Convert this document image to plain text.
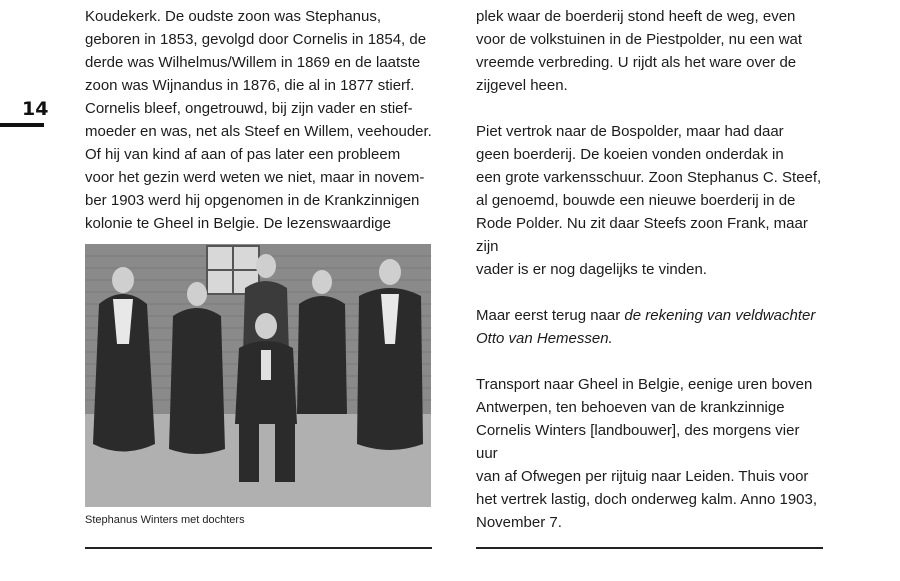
14

Koudekerk. De oudste zoon was Stephanus,
geboren in 1853, gevolgd door Cornelis in 1854, de
derde was Wilhelmus/Willem in 1869 en de laatste
zoon was Wijnandus in 1876, die al in 1877 stierf.
Cornelis bleef, ongetrouwd, bij zijn vader en stief-
moeder en was, net als Steef en Willem, veehouder.
Of hij van kind af aan of pas later een probleem
voor het gezin werd weten we niet, maar in novem-
ber 1903 werd hij opgenomen in de Krankzinnigen
kolonie te Gheel in Belgie. De lezenswaardige

Stephanus Winters met dochters

plek waar de boerderij stond heeft de weg, even
voor de volkstuinen in de Piestpolder, nu een wat
vreemde verbreding. U rijdt als het ware over de
zijgevel heen.

Piet vertrok naar de Bospolder, maar had daar
geen boerderij. De koeien vonden onderdak in
een grote varkensschuur. Zoon Stephanus C. Steef,
al genoemd, bouwde een nieuwe boerderij in de
Rode Polder. Nu zit daar Steefs zoon Frank, maar zijn
vader is er nog dagelijks te vinden.

Maar eerst terug naar de rekening van veldwachter
Otto van Hemessen.

Transport naar Gheel in Belgie, eenige uren boven
Antwerpen, ten behoeven van de krankzinnige
Cornelis Winters [landbouwer], des morgens vier uur
van af Ofwegen per rijtuig naar Leiden. Thuis voor
het vertrek lastig, doch onderweg kalm. Anno 1903,
November 7.
